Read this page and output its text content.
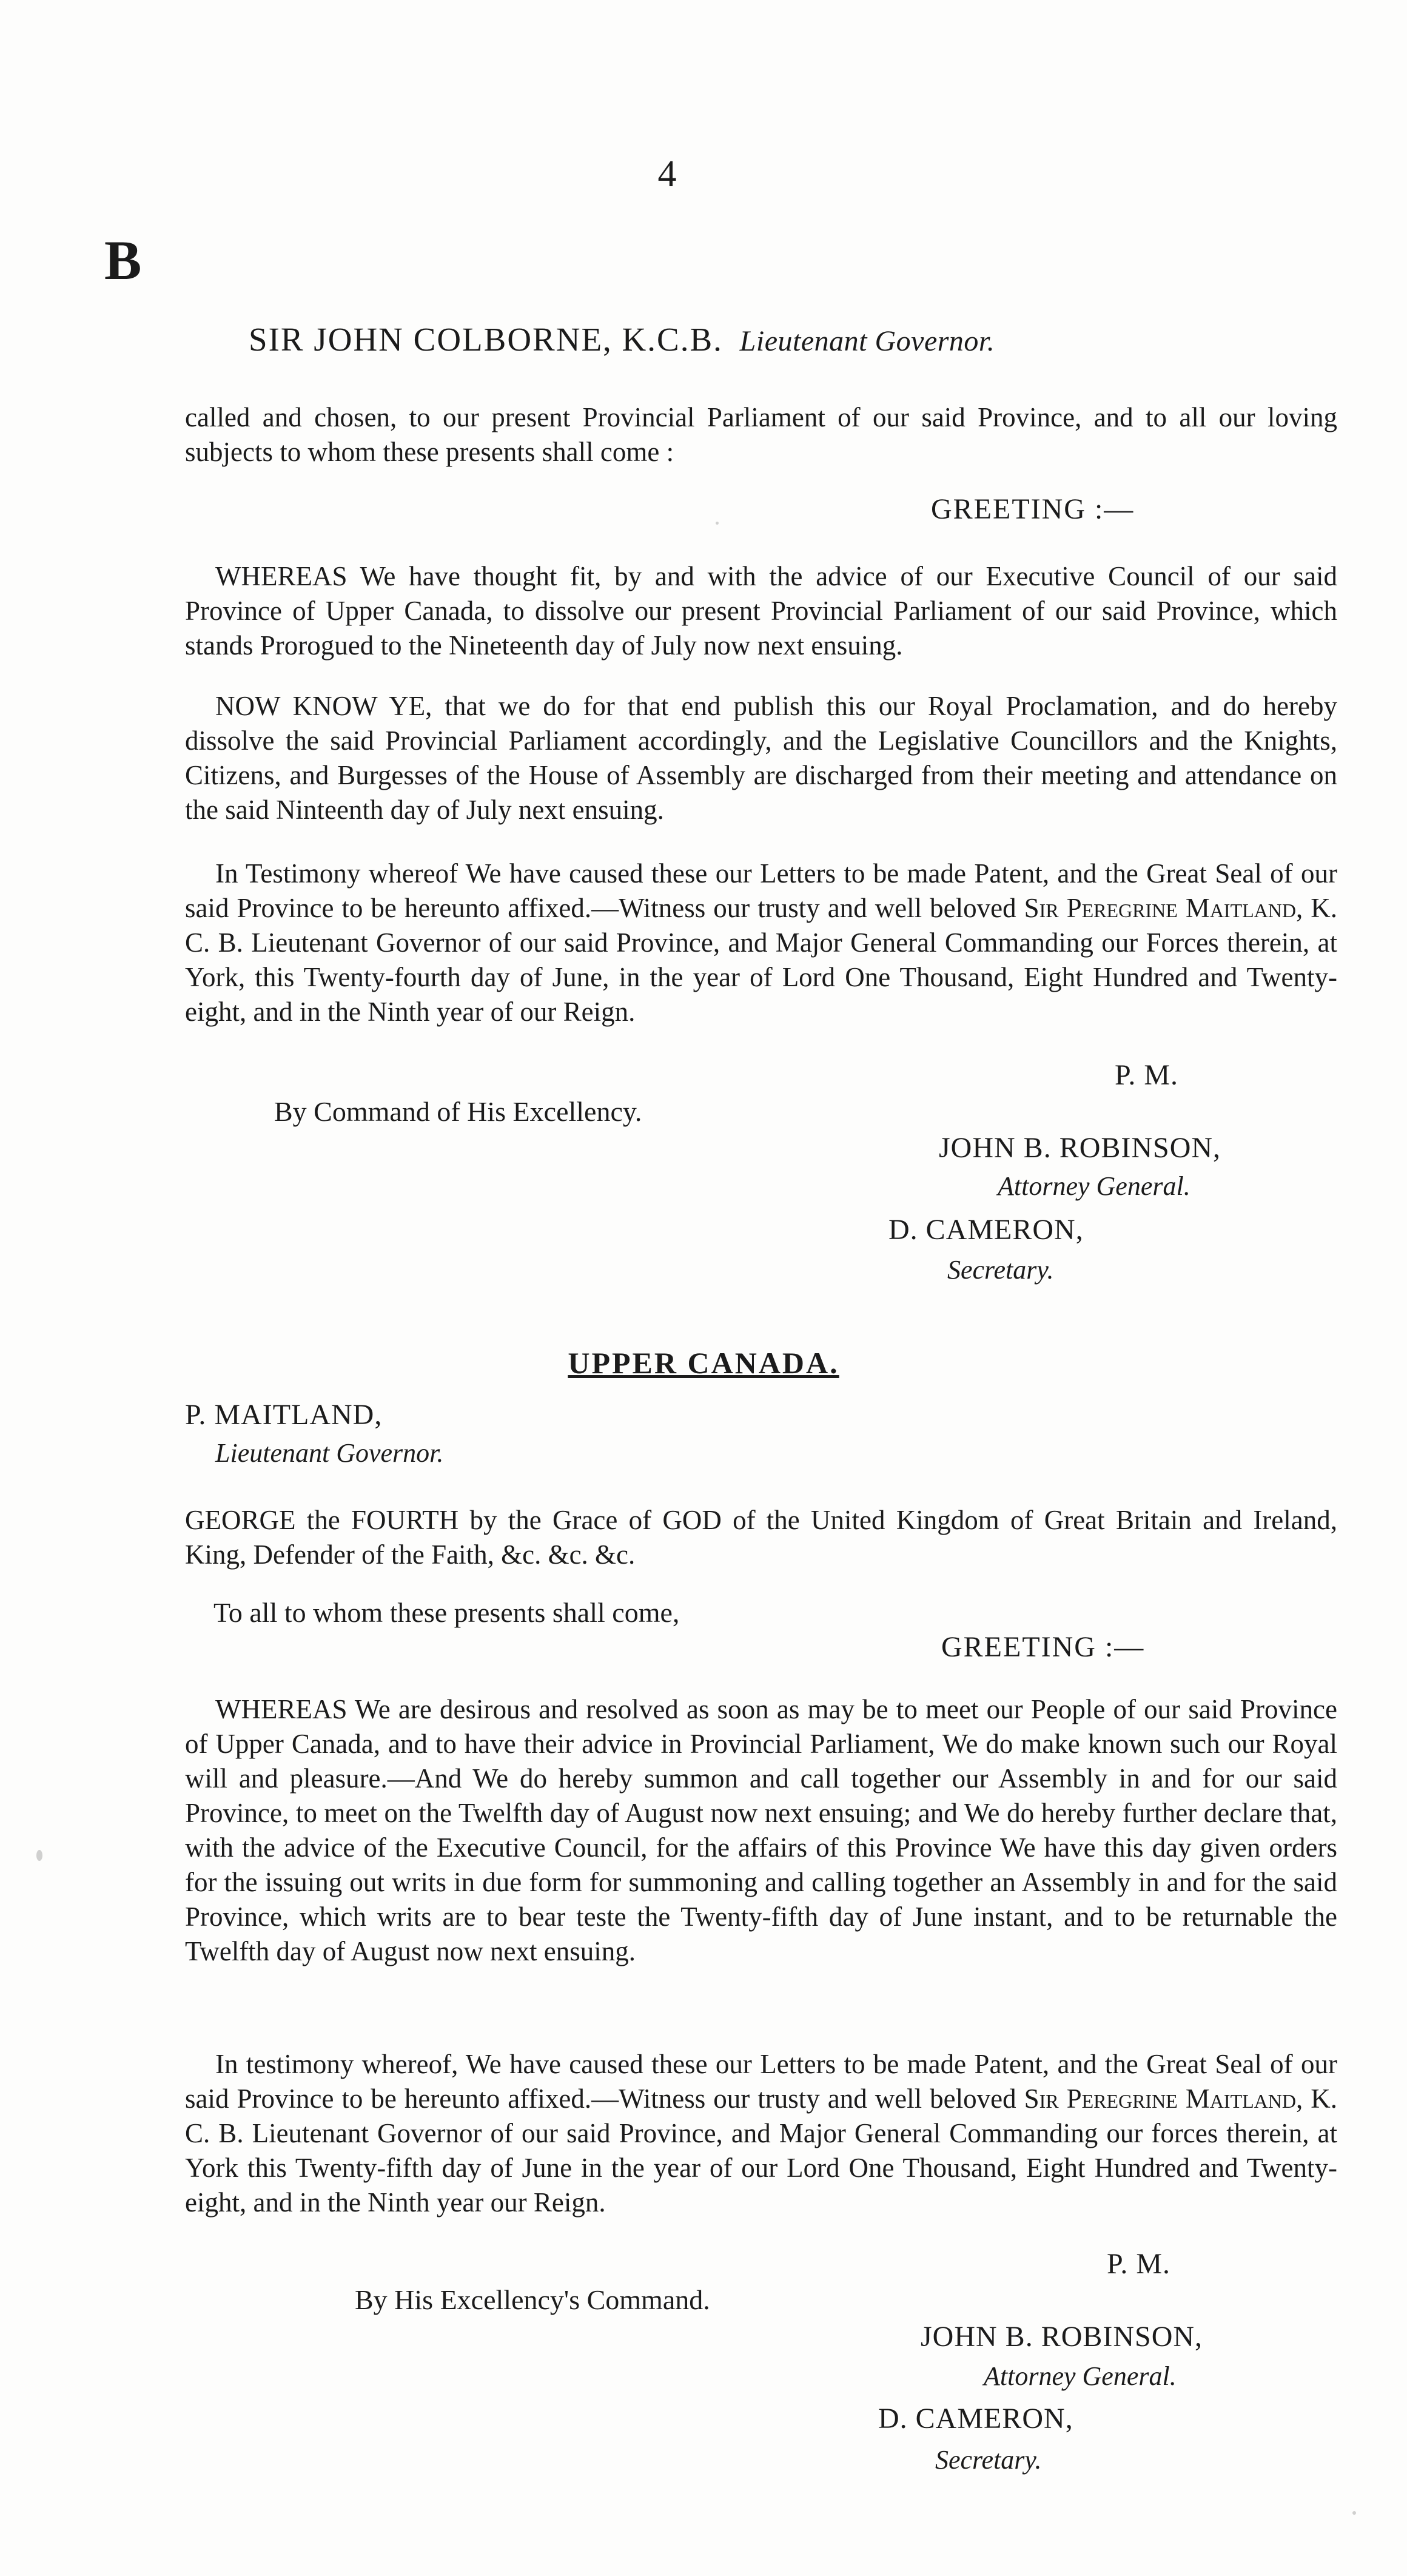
4
B
SIR JOHN COLBORNE, K.C.B. Lieutenant Governor.

called and chosen, to our present Provincial Parliament of our said Province, and to all our loving subjects to whom these presents shall come :

GREETING :—

WHEREAS We have thought fit, by and with the advice of our Executive Council of our said Province of Upper Canada, to dissolve our present Provincial Parliament of our said Province, which stands Prorogued to the Nineteenth day of July now next ensuing.

NOW KNOW YE, that we do for that end publish this our Royal Proclamation, and do hereby dissolve the said Provincial Parliament accordingly, and the Legislative Councillors and the Knights, Citizens, and Burgesses of the House of Assembly are discharged from their meeting and attendance on the said Ninteenth day of July next ensuing.

In Testimony whereof We have caused these our Letters to be made Patent, and the Great Seal of our said Province to be hereunto affixed.—Witness our trusty and well beloved Sir Peregrine Maitland, K. C. B. Lieutenant Governor of our said Province, and Major General Commanding our Forces therein, at York, this Twenty-fourth day of June, in the year of Lord One Thousand, Eight Hundred and Twenty-eight, and in the Ninth year of our Reign.

P. M.
By Command of His Excellency.
JOHN B. ROBINSON,
Attorney General.
D. CAMERON,
Secretary.
UPPER CANADA.
P. MAITLAND,
Lieutenant Governor.

GEORGE the FOURTH by the Grace of GOD of the United Kingdom of Great Britain and Ireland, King, Defender of the Faith, &c. &c. &c.

To all to whom these presents shall come,
GREETING :—

WHEREAS We are desirous and resolved as soon as may be to meet our People of our said Province of Upper Canada, and to have their advice in Provincial Parliament, We do make known such our Royal will and pleasure.—And We do hereby summon and call together our Assembly in and for our said Province, to meet on the Twelfth day of August now next ensuing; and We do hereby further declare that, with the advice of the Executive Council, for the affairs of this Province We have this day given orders for the issuing out writs in due form for summoning and calling together an Assembly in and for the said Province, which writs are to bear teste the Twenty-fifth day of June instant, and to be returnable the Twelfth day of August now next ensuing.

In testimony whereof, We have caused these our Letters to be made Patent, and the Great Seal of our said Province to be hereunto affixed.—Witness our trusty and well beloved Sir Peregrine Maitland, K. C. B. Lieutenant Governor of our said Province, and Major General Commanding our forces therein, at York this Twenty-fifth day of June in the year of our Lord One Thousand, Eight Hundred and Twenty-eight, and in the Ninth year our Reign.

P. M.
By His Excellency's Command.
JOHN B. ROBINSON,
Attorney General.
D. CAMERON,
Secretary.
